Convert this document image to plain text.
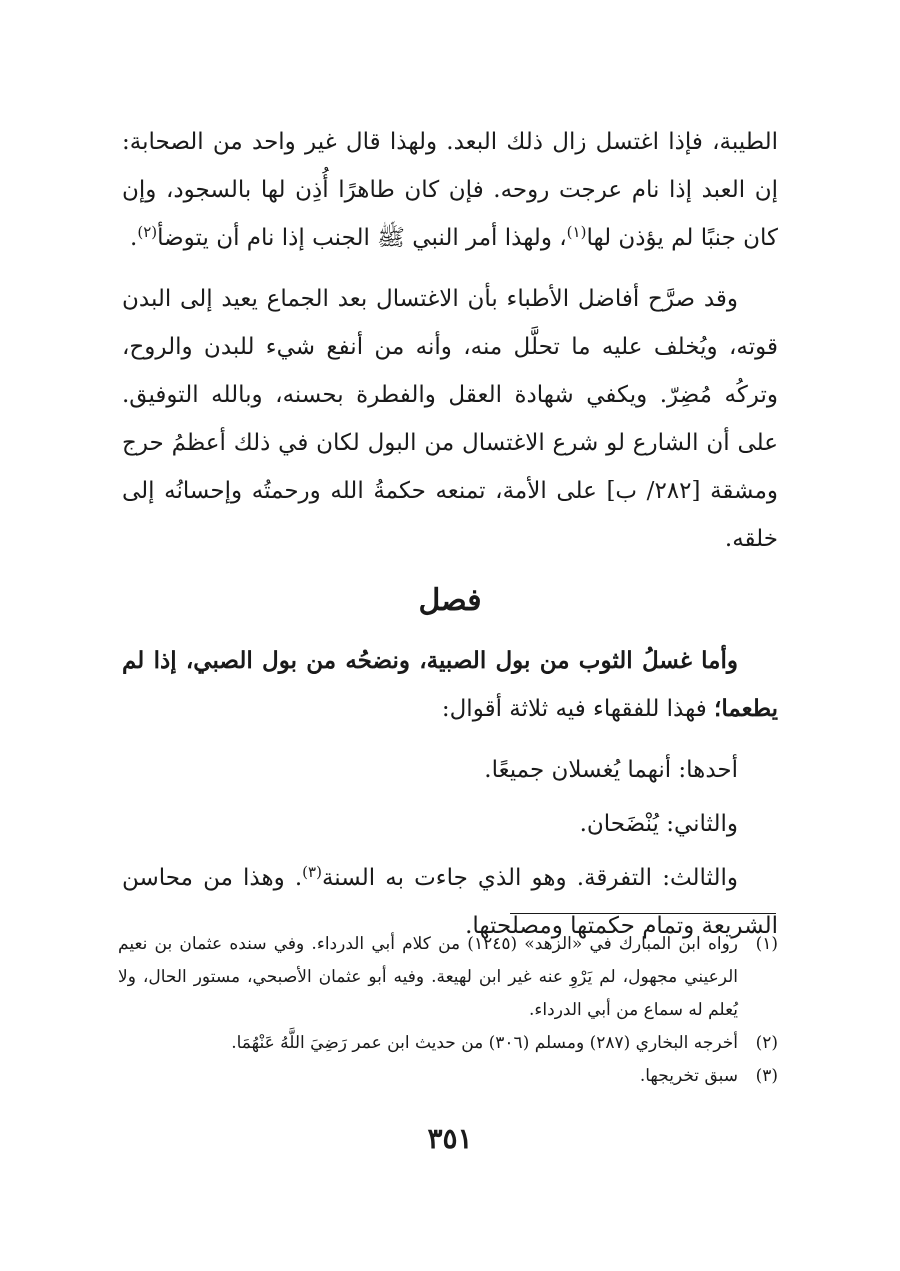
الطيبة، فإذا اغتسل زال ذلك البعد. ولهذا قال غير واحد من الصحابة: إن العبد إذا نام عرجت روحه. فإن كان طاهرًا أُذِن لها بالسجود، وإن كان جنبًا لم يؤذن لها$^{(١)}$، ولهذا أمر النبي ﷺ الجنب إذا نام أن يتوضأ$^{(٢)}$.

وقد صرَّح أفاضل الأطباء بأن الاغتسال بعد الجماع يعيد إلى البدن قوته، ويُخلف عليه ما تحلَّل منه، وأنه من أنفع شيء للبدن والروح، وتركُه مُضِرّ. ويكفي شهادة العقل والفطرة بحسنه، وبالله التوفيق. على أن الشارع لو شرع الاغتسال من البول لكان في ذلك أعظمُ حرج ومشقة [٢٨٢/ ب] على الأمة، تمنعه حكمةُ الله ورحمتُه وإحسانُه إلى خلقه.

فصل

وأما غسلُ الثوب من بول الصبية، ونضحُه من بول الصبي، إذا لم يطعما؛ فهذا للفقهاء فيه ثلاثة أقوال:

أحدها: أنهما يُغسلان جميعًا.

والثاني: يُنْضَحان.

والثالث: التفرقة. وهو الذي جاءت به السنة$^{(٣)}$. وهذا من محاسن الشريعة وتمام حكمتها ومصلحتها.

(١)
رواه ابن المبارك في «الزهد» (١٢٤٥) من كلام أبي الدرداء. وفي سنده عثمان بن نعيم الرعيني مجهول، لم يَرْوِ عنه غير ابن لهيعة. وفيه أبو عثمان الأصبحي، مستور الحال، ولا يُعلم له سماع من أبي الدرداء.
(٢)
أخرجه البخاري (٢٨٧) ومسلم (٣٠٦) من حديث ابن عمر رَضِيَ اللَّهُ عَنْهُمَا.
(٣)
سبق تخريجها.
٣٥١
